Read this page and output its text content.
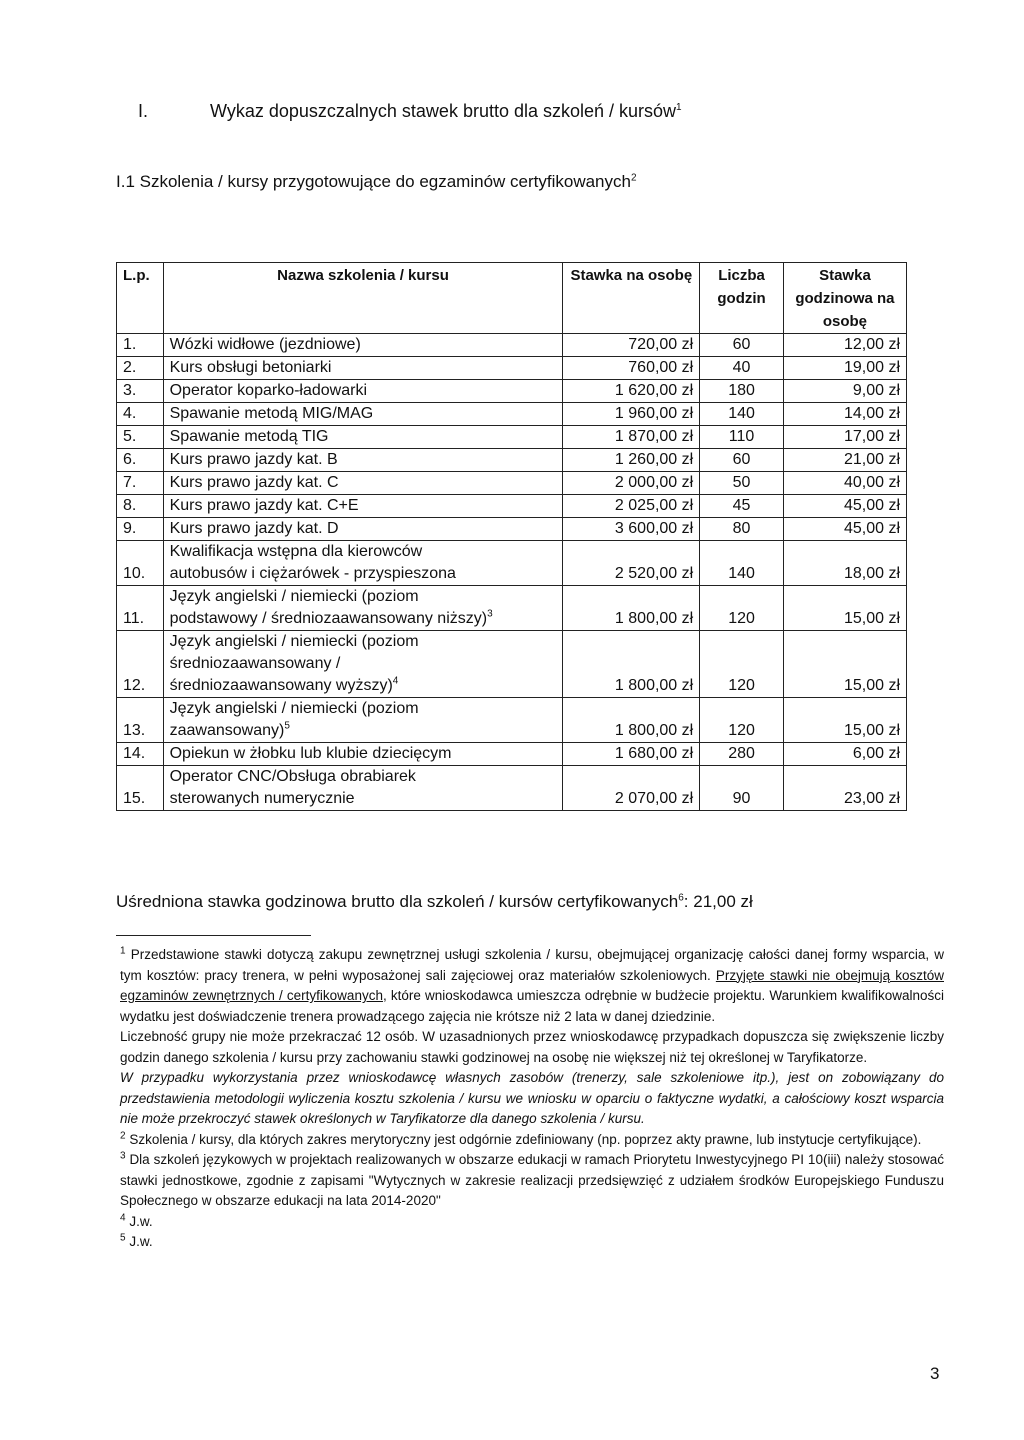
I.	Wykaz dopuszczalnych stawek brutto dla szkoleń / kursów$^1$
I.1 Szkolenia / kursy przygotowujące do egzaminów certyfikowanych$^2$
L.p.	Nazwa szkolenia / kursu	Stawka na osobę	Liczba godzin	Stawka godzinowa na osobę
1.	Wózki widłowe (jezdniowe)	720,00 zł	60	12,00 zł
2.	Kurs obsługi betoniarki	760,00 zł	40	19,00 zł
3.	Operator koparko-ładowarki	1 620,00 zł	180	9,00 zł
4.	Spawanie metodą MIG/MAG	1 960,00 zł	140	14,00 zł
5.	Spawanie metodą TIG	1 870,00 zł	110	17,00 zł
6.	Kurs prawo jazdy kat. B	1 260,00 zł	60	21,00 zł
7.	Kurs prawo jazdy kat. C	2 000,00 zł	50	40,00 zł
8.	Kurs prawo jazdy kat. C+E	2 025,00 zł	45	45,00 zł
9.	Kurs prawo jazdy kat. D	3 600,00 zł	80	45,00 zł
10.	Kwalifikacja wstępna dla kierowców
autobusów i ciężarówek - przyspieszona	2 520,00 zł	140	18,00 zł
11.	Język angielski / niemiecki (poziom
podstawowy / średniozaawansowany niższy)$^3$	1 800,00 zł	120	15,00 zł
12.	Język angielski / niemiecki (poziom
średniozaawansowany /
średniozaawansowany wyższy)$^4$	1 800,00 zł	120	15,00 zł
13.	Język angielski / niemiecki (poziom
zaawansowany)$^5$	1 800,00 zł	120	15,00 zł
14.	Opiekun w żłobku lub klubie dziecięcym	1 680,00 zł	280	6,00 zł
15.	Operator CNC/Obsługa obrabiarek
sterowanych numerycznie	2 070,00 zł	90	23,00 zł
Uśredniona stawka godzinowa brutto dla szkoleń / kursów certyfikowanych$^6$: 21,00 zł

$^1$ Przedstawione stawki dotyczą zakupu zewnętrznej usługi szkolenia / kursu, obejmującej organizację całości danej formy wsparcia, w tym kosztów: pracy trenera, w pełni wyposażonej sali zajęciowej oraz materiałów szkoleniowych. Przyjęte stawki nie obejmują kosztów egzaminów zewnętrznych / certyfikowanych, które wnioskodawca umieszcza odrębnie w budżecie projektu. Warunkiem kwalifikowalności wydatku jest doświadczenie trenera prowadzącego zajęcia nie krótsze niż 2 lata w danej dziedzinie.

Liczebność grupy nie może przekraczać 12 osób. W uzasadnionych przez wnioskodawcę przypadkach dopuszcza się zwiększenie liczby godzin danego szkolenia / kursu przy zachowaniu stawki godzinowej na osobę nie większej niż tej określonej w Taryfikatorze.

W przypadku wykorzystania przez wnioskodawcę własnych zasobów (trenerzy, sale szkoleniowe itp.), jest on zobowiązany do przedstawienia metodologii wyliczenia kosztu szkolenia / kursu we wniosku w oparciu o faktyczne wydatki, a całościowy koszt wsparcia nie może przekroczyć stawek określonych w Taryfikatorze dla danego szkolenia / kursu.

$^2$ Szkolenia / kursy, dla których zakres merytoryczny jest odgórnie zdefiniowany (np. poprzez akty prawne, lub instytucje certyfikujące).

$^3$ Dla szkoleń językowych w projektach realizowanych w obszarze edukacji w ramach Priorytetu Inwestycyjnego PI 10(iii) należy stosować stawki jednostkowe, zgodnie z zapisami "Wytycznych w zakresie realizacji przedsięwzięć z udziałem środków Europejskiego Funduszu Społecznego w obszarze edukacji na lata 2014-2020"

$^4$ J.w.

$^5$ J.w.

3
